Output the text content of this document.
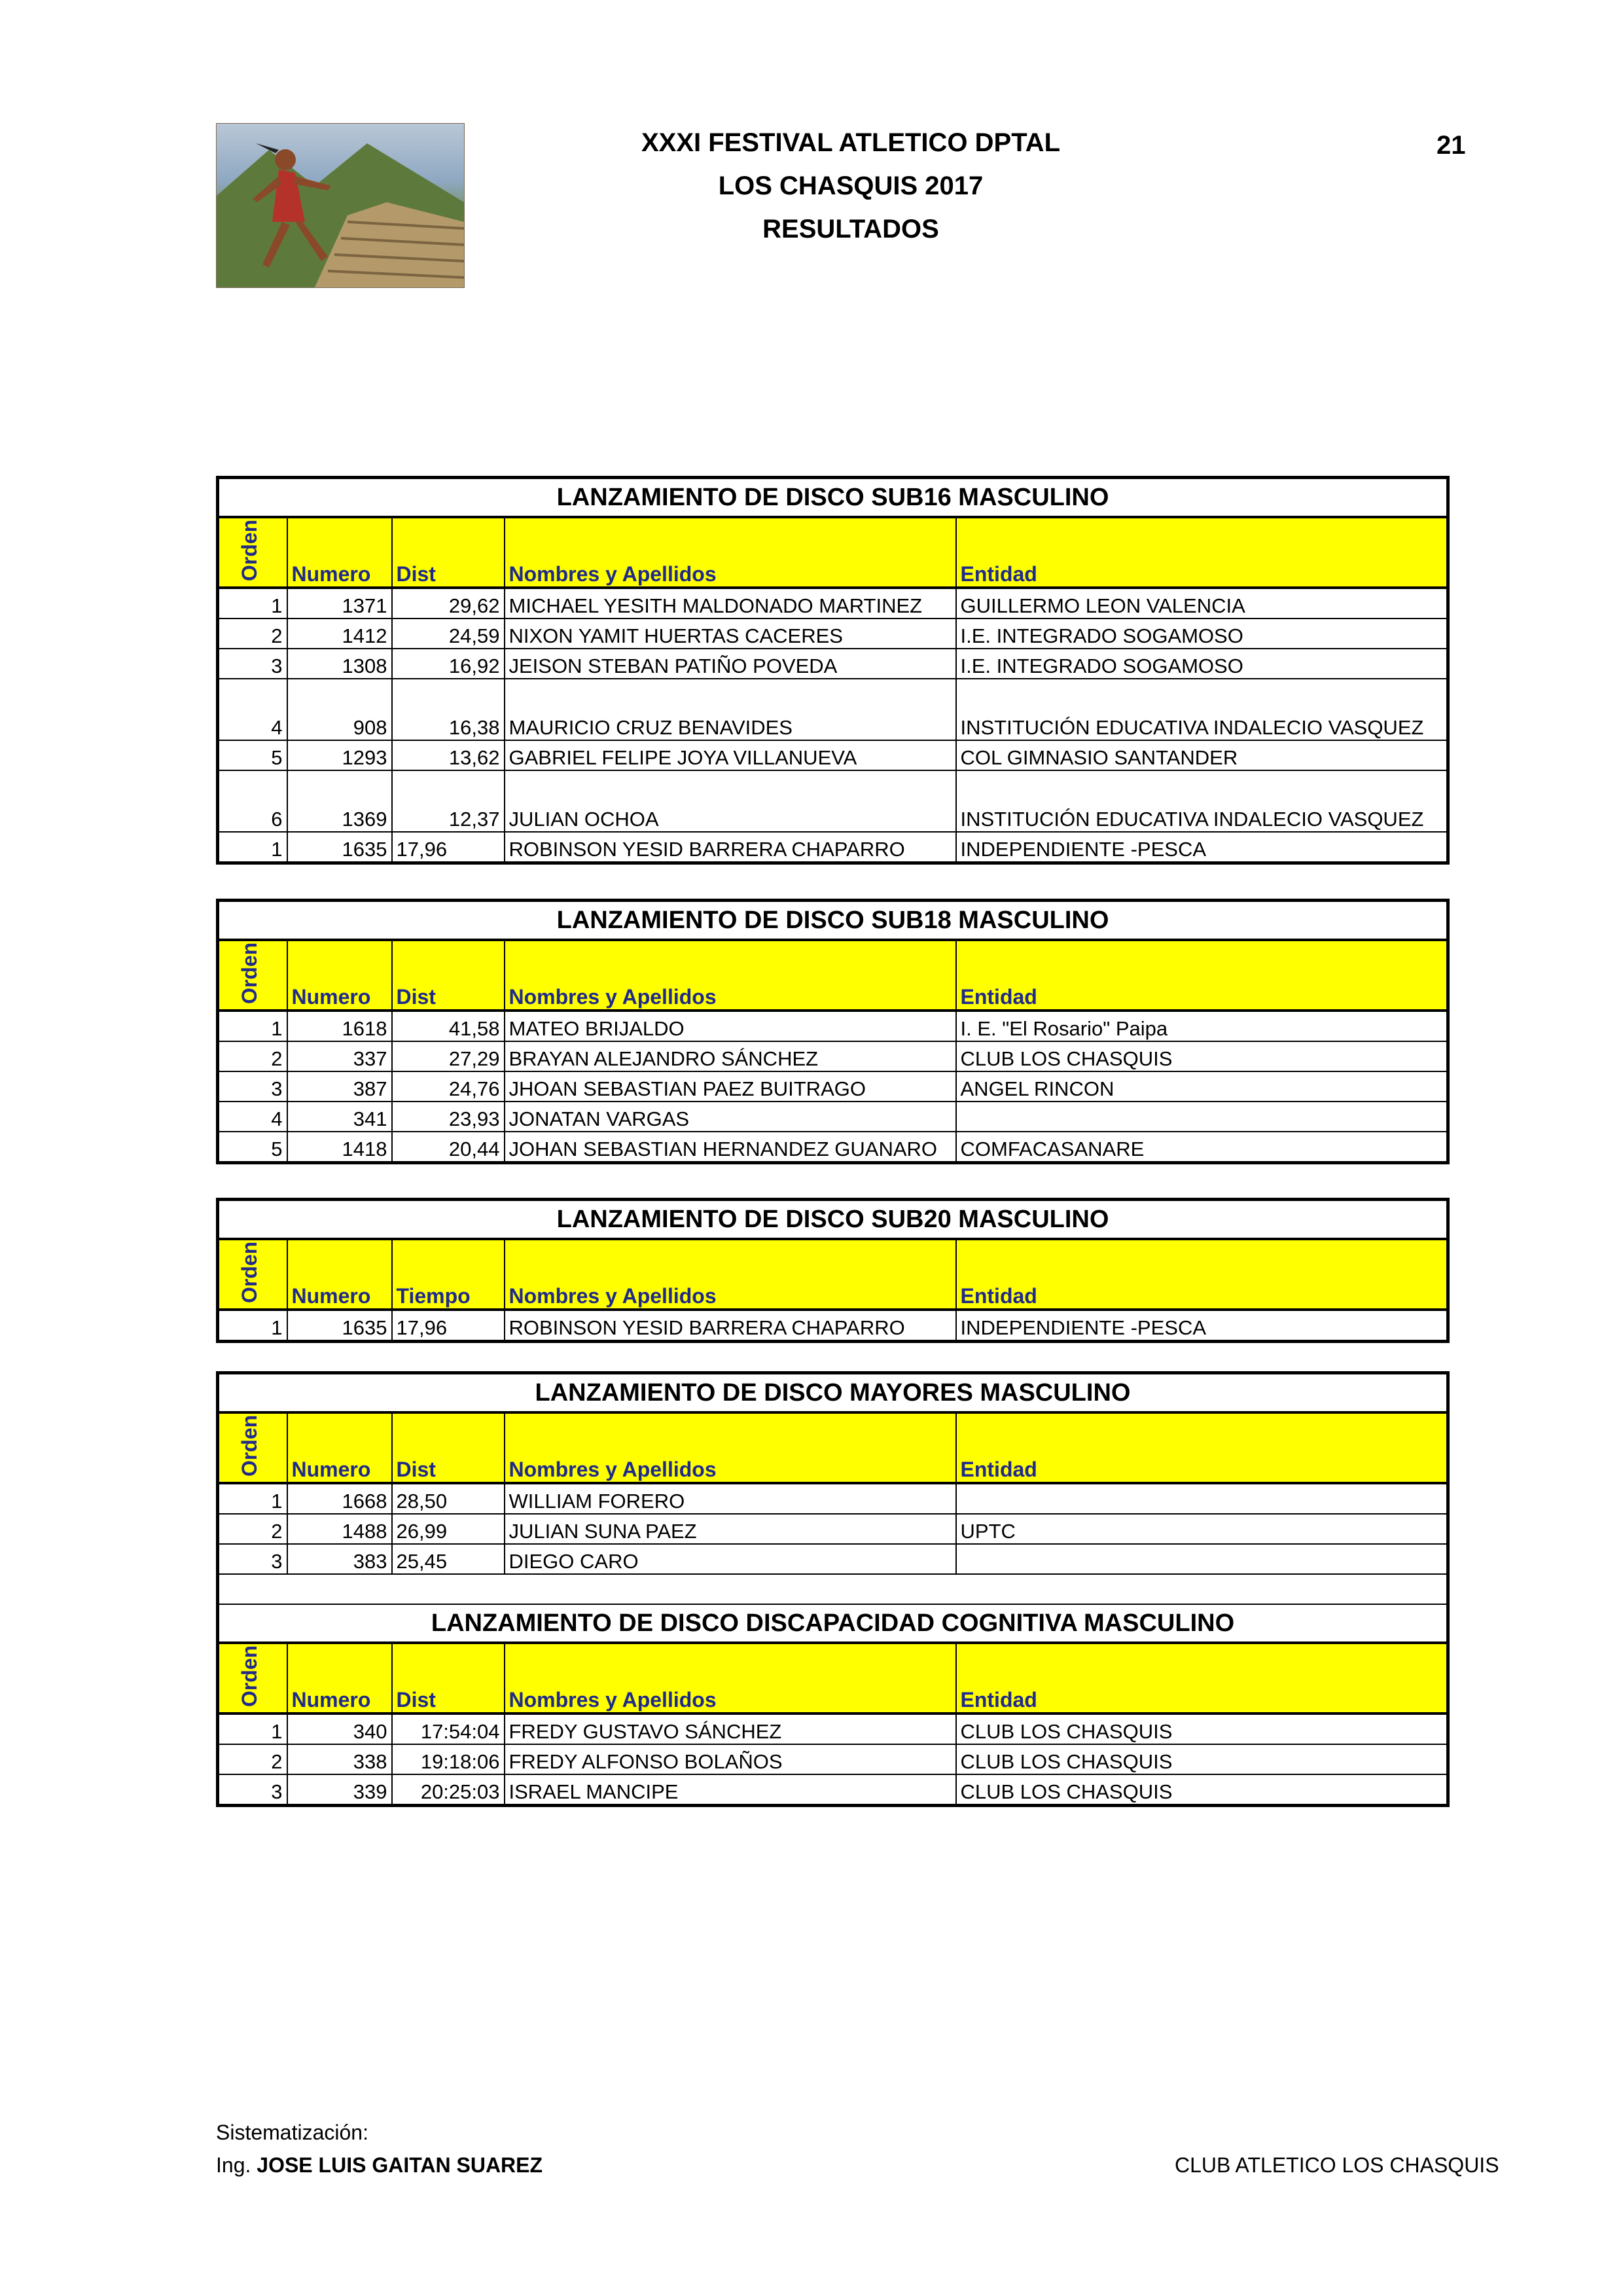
XXXI FESTIVAL ATLETICO DPTAL
LOS CHASQUIS 2017
RESULTADOS
21
LANZAMIENTO DE DISCO SUB16 MASCULINO				

Orden	Numero	Dist	Nombres y Apellidos	Entidad
1	1371	29,62	MICHAEL YESITH MALDONADO MARTINEZ	GUILLERMO LEON VALENCIA
2	1412	24,59	NIXON YAMIT HUERTAS CACERES	I.E. INTEGRADO SOGAMOSO
3	1308	16,92	JEISON STEBAN PATIÑO POVEDA	I.E. INTEGRADO SOGAMOSO
4	908	16,38	MAURICIO CRUZ BENAVIDES	INSTITUCIÓN EDUCATIVA INDALECIO VASQUEZ
5	1293	13,62	GABRIEL FELIPE JOYA VILLANUEVA	COL GIMNASIO SANTANDER
6	1369	12,37	JULIAN OCHOA	INSTITUCIÓN EDUCATIVA INDALECIO VASQUEZ
1	1635	17,96	ROBINSON YESID BARRERA CHAPARRO	INDEPENDIENTE -PESCA
LANZAMIENTO DE DISCO SUB18 MASCULINO				

Orden	Numero	Dist	Nombres y Apellidos	Entidad
1	1618	41,58	MATEO BRIJALDO	I. E. "El Rosario" Paipa
2	337	27,29	BRAYAN ALEJANDRO SÁNCHEZ	CLUB LOS CHASQUIS
3	387	24,76	JHOAN SEBASTIAN PAEZ BUITRAGO	ANGEL RINCON
4	341	23,93	JONATAN VARGAS	
5	1418	20,44	JOHAN SEBASTIAN HERNANDEZ GUANARO	COMFACASANARE
LANZAMIENTO DE DISCO SUB20 MASCULINO				

Orden	Numero	Tiempo	Nombres y Apellidos	Entidad
1	1635	17,96	ROBINSON YESID BARRERA CHAPARRO	INDEPENDIENTE -PESCA
LANZAMIENTO DE DISCO MAYORES MASCULINO				

Orden	Numero	Dist	Nombres y Apellidos	Entidad
1	1668	28,50	WILLIAM FORERO	
2	1488	26,99	JULIAN SUNA PAEZ	UPTC
3	383	25,45	DIEGO CARO	

LANZAMIENTO DE DISCO DISCAPACIDAD COGNITIVA MASCULINO				

Orden	Numero	Dist	Nombres y Apellidos	Entidad
1	340	17:54:04	FREDY GUSTAVO SÁNCHEZ	CLUB LOS CHASQUIS
2	338	19:18:06	FREDY ALFONSO BOLAÑOS	CLUB LOS CHASQUIS
3	339	20:25:03	ISRAEL MANCIPE	CLUB LOS CHASQUIS
Sistematización:
Ing. JOSE LUIS GAITAN SUAREZ	CLUB ATLETICO LOS CHASQUIS
